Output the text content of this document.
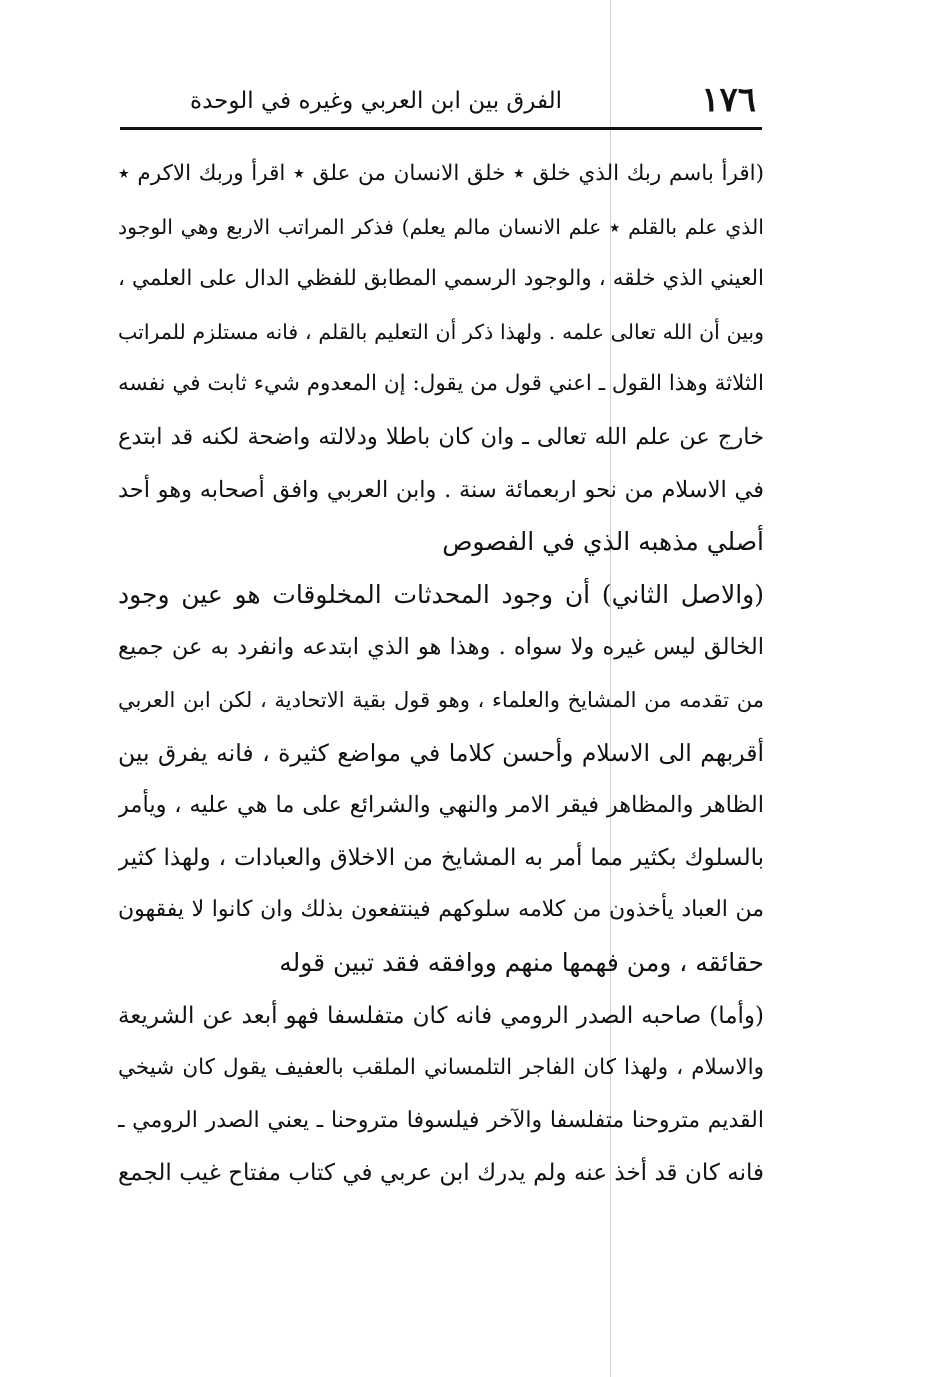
١٧٦
الفرق بين ابن العربي وغيره في الوحدة
(اقرأ باسم ربك الذي خلق ٭ خلق الانسان من علق ٭ اقرأ وربك الاكرم ٭
الذي علم بالقلم ٭ علم الانسان مالم يعلم) فذكر المراتب الاربع وهي الوجود
العيني الذي خلقه ، والوجود الرسمي المطابق للفظي الدال على العلمي ،
وبين أن الله تعالى علمه . ولهذا ذكر أن التعليم بالقلم ، فانه مستلزم للمراتب
الثلاثة وهذا القول ـ اعني قول من يقول: إن المعدوم شيء ثابت في نفسه
خارج عن علم الله تعالى ـ وان كان باطلا ودلالته واضحة لكنه قد ابتدع
في الاسلام من نحو اربعمائة سنة . وابن العربي وافق أصحابه وهو أحد
أصلي مذهبه الذي في الفصوص
(والاصل الثاني) أن وجود المحدثات المخلوقات هو عين وجود
الخالق ليس غيره ولا سواه . وهذا هو الذي ابتدعه وانفرد به عن جميع
من تقدمه من المشايخ والعلماء ، وهو قول بقية الاتحادية ، لكن ابن العربي
أقربهم الى الاسلام وأحسن كلاما في مواضع كثيرة ، فانه يفرق بين
الظاهر والمظاهر فيقر الامر والنهي والشرائع على ما هي عليه ، ويأمر
بالسلوك بكثير مما أمر به المشايخ من الاخلاق والعبادات ، ولهذا كثير
من العباد يأخذون من كلامه سلوكهم فينتفعون بذلك وان كانوا لا يفقهون
حقائقه ، ومن فهمها منهم ووافقه فقد تبين قوله
(وأما) صاحبه الصدر الرومي فانه كان متفلسفا فهو أبعد عن الشريعة
والاسلام ، ولهذا كان الفاجر التلمساني الملقب بالعفيف يقول كان شيخي
القديم متروحنا متفلسفا والآخر فيلسوفا متروحنا ـ يعني الصدر الرومي ـ
فانه كان قد أخذ عنه ولم يدرك ابن عربي في كتاب مفتاح غيب الجمع
